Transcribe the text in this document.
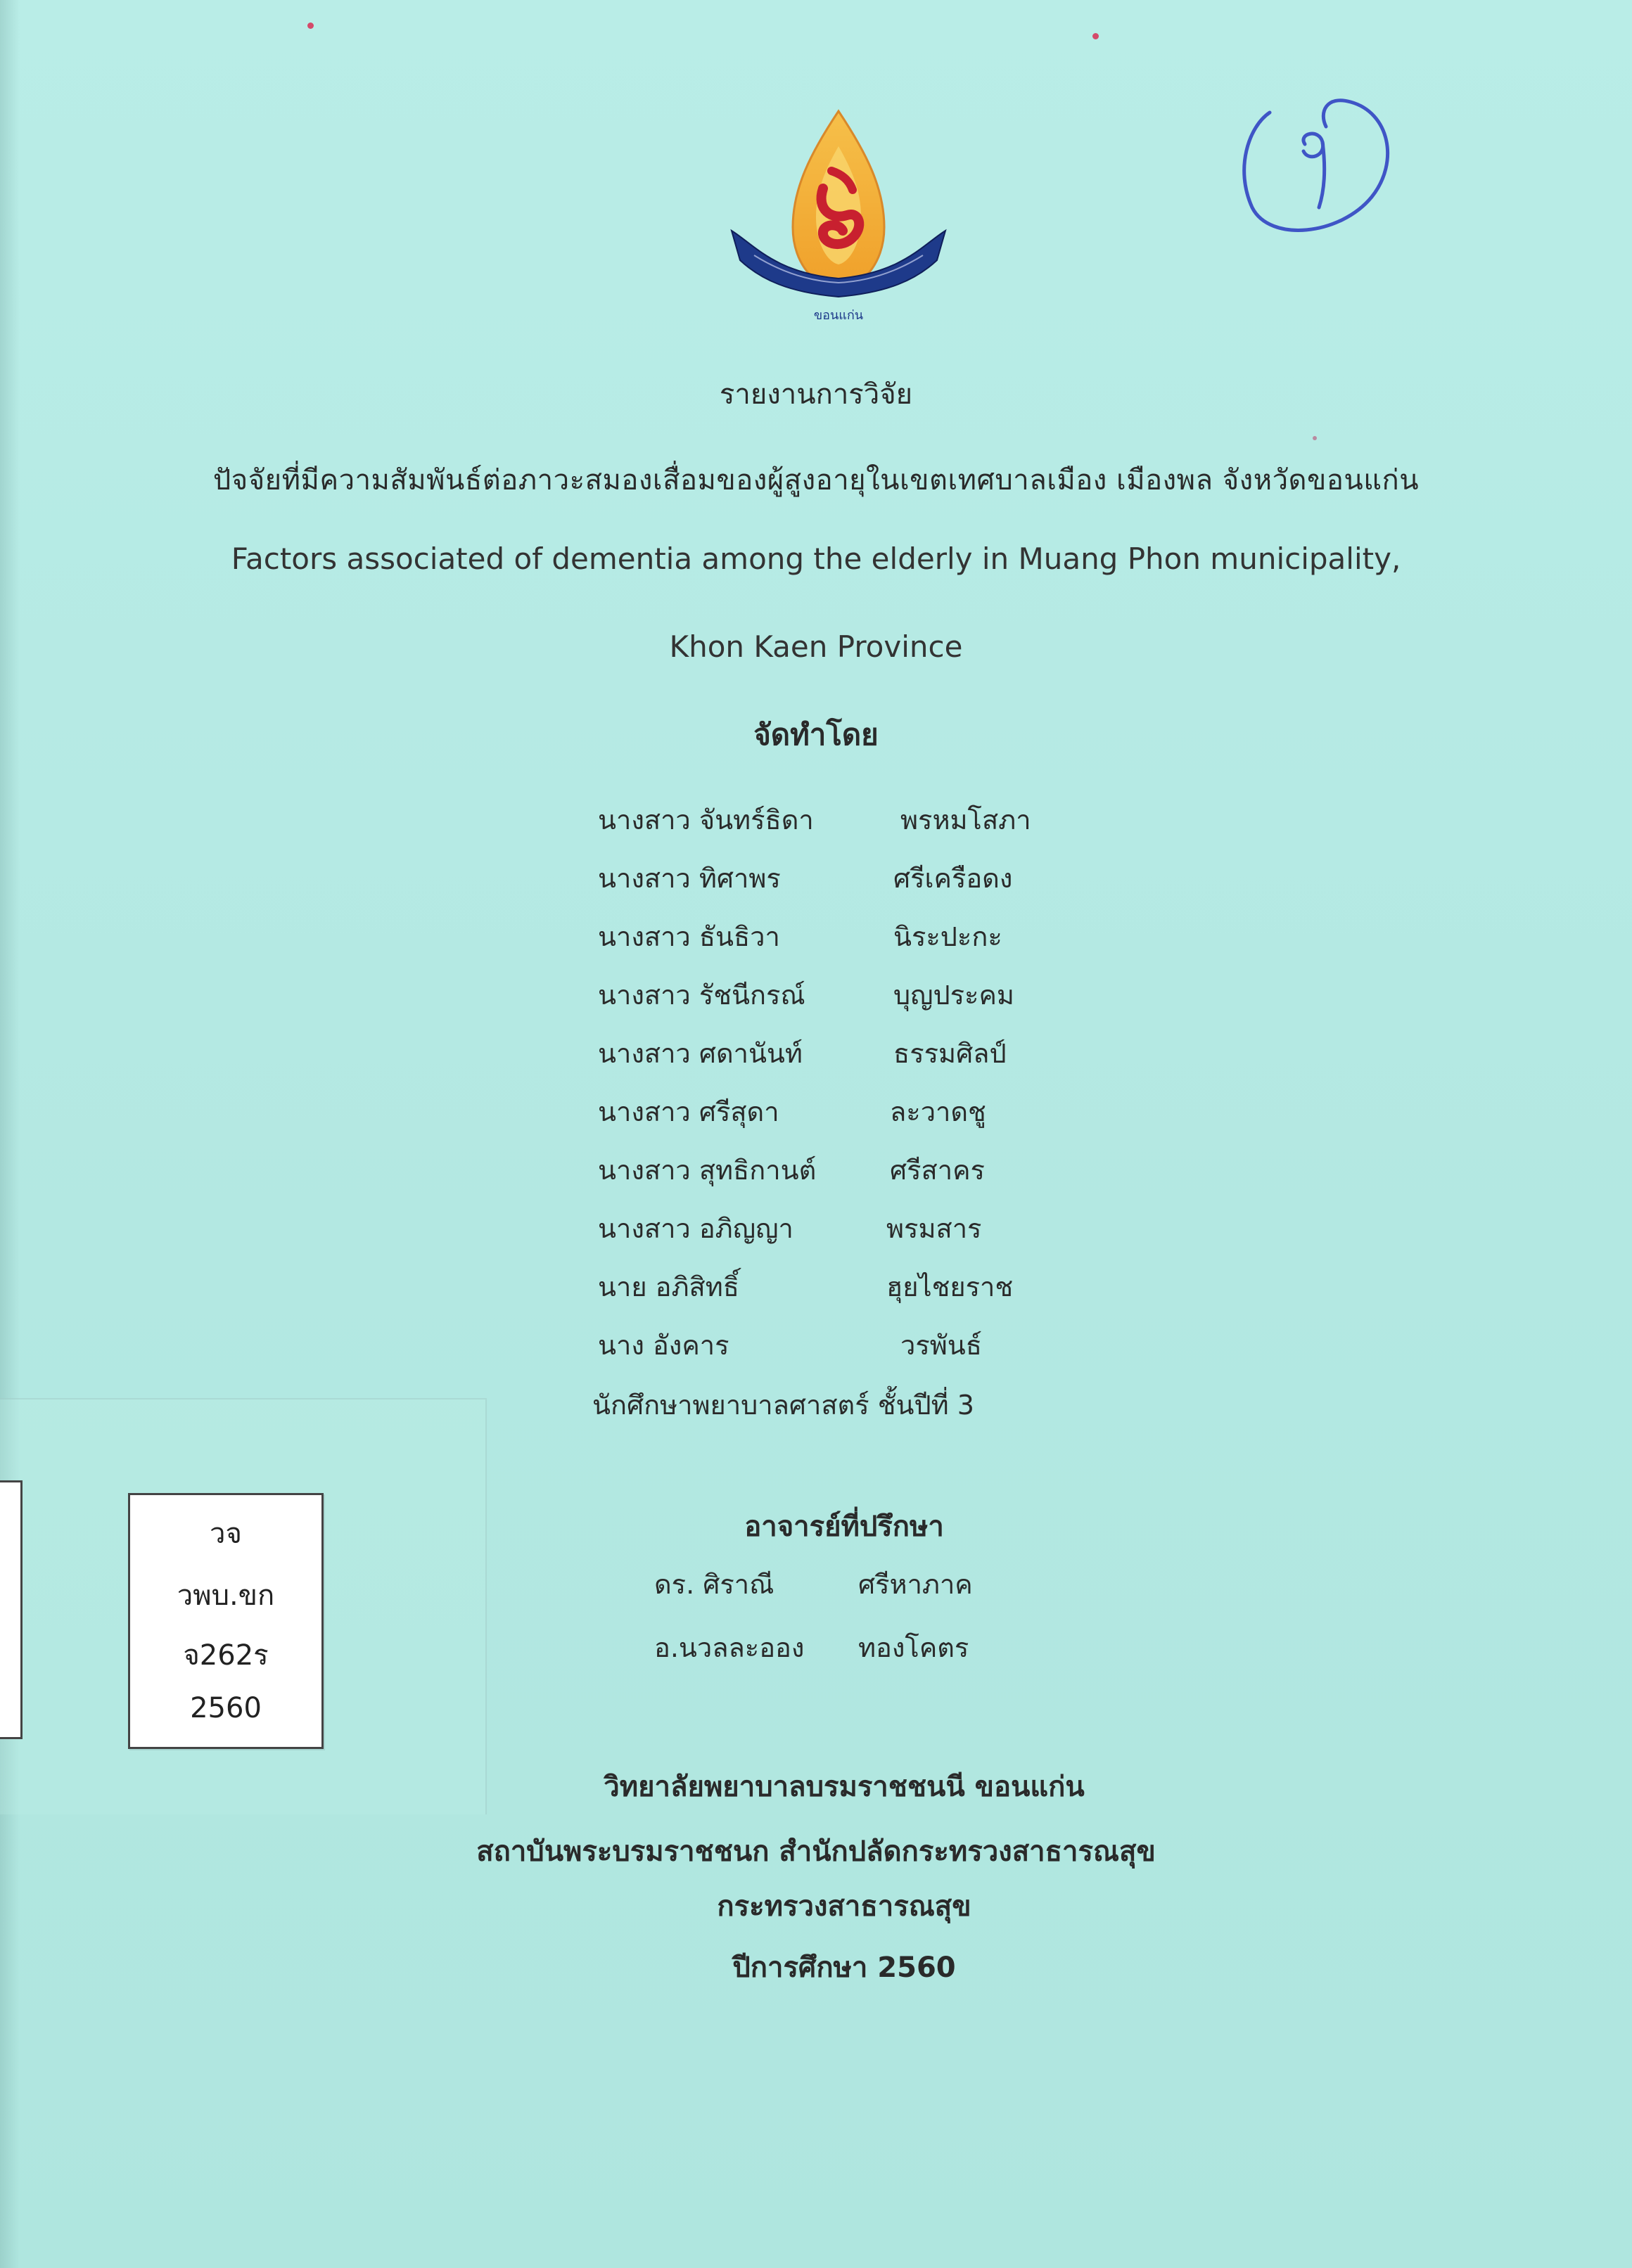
ขอนแก่น
รายงานการวิจัย
ปัจจัยที่มีความสัมพันธ์ต่อภาวะสมองเสื่อมของผู้สูงอายุในเขตเทศบาลเมือง เมืองพล จังหวัดขอนแก่น
Factors associated of dementia among the elderly in Muang Phon municipality,
Khon Kaen Province
จัดทำโดย
นางสาว จันทร์ธิดา	พรหมโสภา
นางสาว ทิศาพร	ศรีเครือดง
นางสาว ธันธิวา	นิระปะกะ
นางสาว รัชนีกรณ์	บุญประคม
นางสาว ศดานันท์	ธรรมศิลป์
นางสาว ศรีสุดา	ละวาดชู
นางสาว สุทธิกานต์	ศรีสาคร
นางสาว อภิญญา	พรมสาร
นาย อภิสิทธิ์	ฮุยไชยราช
นาง อังคาร	วรพันธ์
นักศึกษาพยาบาลศาสตร์ ชั้นปีที่ 3
วจ
วพบ.ขก
จ262ร
2560
อาจารย์ที่ปรึกษา
ดร. ศิราณี	ศรีหาภาค
อ.นวลละออง ทองโคตร
วิทยาลัยพยาบาลบรมราชชนนี ขอนแก่น
สถาบันพระบรมราชชนก สำนักปลัดกระทรวงสาธารณสุข
กระทรวงสาธารณสุข
ปีการศึกษา 2560
